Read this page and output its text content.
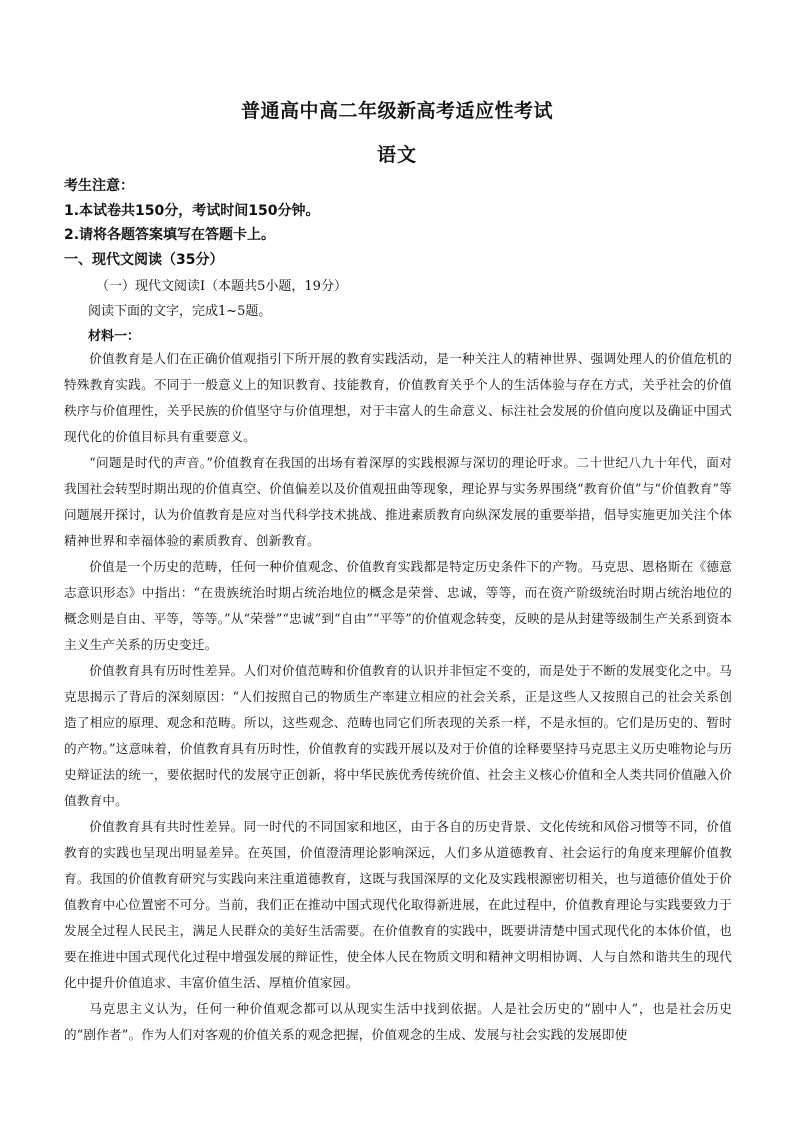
普通高中高二年级新高考适应性考试
语文

考生注意：

1.本试卷共150分，考试时间150分钟。

2.请将各题答案填写在答题卡上。

一、现代文阅读（35分）

（一）现代文阅读Ⅰ（本题共5小题，19分）

阅读下面的文字，完成1~5题。

材料一：

价值教育是人们在正确价值观指引下所开展的教育实践活动，是一种关注人的精神世界、强调处理人的价值危机的特殊教育实践。不同于一般意义上的知识教育、技能教育，价值教育关乎个人的生活体验与存在方式，关乎社会的价值秩序与价值理性，关乎民族的价值坚守与价值理想，对于丰富人的生命意义、标注社会发展的价值向度以及确证中国式现代化的价值目标具有重要意义。

“问题是时代的声音。”价值教育在我国的出场有着深厚的实践根源与深切的理论吁求。二十世纪八九十年代，面对我国社会转型时期出现的价值真空、价值偏差以及价值观扭曲等现象，理论界与实务界围绕“教育价值”与“价值教育”等问题展开探讨，认为价值教育是应对当代科学技术挑战、推进素质教育向纵深发展的重要举措，倡导实施更加关注个体精神世界和幸福体验的素质教育、创新教育。

价值是一个历史的范畴，任何一种价值观念、价值教育实践都是特定历史条件下的产物。马克思、恩格斯在《德意志意识形态》中指出：“在贵族统治时期占统治地位的概念是荣誉、忠诚，等等，而在资产阶级统治时期占统治地位的概念则是自由、平等，等等。”从“荣誉”“忠诚”到“自由”“平等”的价值观念转变，反映的是从封建等级制生产关系到资本主义生产关系的历史变迁。

价值教育具有历时性差异。人们对价值范畴和价值教育的认识并非恒定不变的，而是处于不断的发展变化之中。马克思揭示了背后的深刻原因：“人们按照自己的物质生产率建立相应的社会关系，正是这些人又按照自己的社会关系创造了相应的原理、观念和范畴。所以，这些观念、范畴也同它们所表现的关系一样，不是永恒的。它们是历史的、暂时的产物。”这意味着，价值教育具有历时性，价值教育的实践开展以及对于价值的诠释要坚持马克思主义历史唯物论与历史辩证法的统一，要依据时代的发展守正创新，将中华民族优秀传统价值、社会主义核心价值和全人类共同价值融入价值教育中。

价值教育具有共时性差异。同一时代的不同国家和地区，由于各自的历史背景、文化传统和风俗习惯等不同，价值教育的实践也呈现出明显差异。在英国，价值澄清理论影响深远，人们多从道德教育、社会运行的角度来理解价值教育。我国的价值教育研究与实践向来注重道德教育，这既与我国深厚的文化及实践根源密切相关，也与道德价值处于价值教育中心位置密不可分。当前，我们正在推动中国式现代化取得新进展，在此过程中，价值教育理论与实践要致力于发展全过程人民民主，满足人民群众的美好生活需要。在价值教育的实践中，既要讲清楚中国式现代化的本体价值，也要在推进中国式现代化过程中增强发展的辩证性，使全体人民在物质文明和精神文明相协调、人与自然和谐共生的现代化中提升价值追求、丰富价值生活、厚植价值家园。

马克思主义认为，任何一种价值观念都可以从现实生活中找到依据。人是社会历史的“剧中人”，也是社会历史的“剧作者”。作为人们对客观的价值关系的观念把握，价值观念的生成、发展与社会实践的发展即使
